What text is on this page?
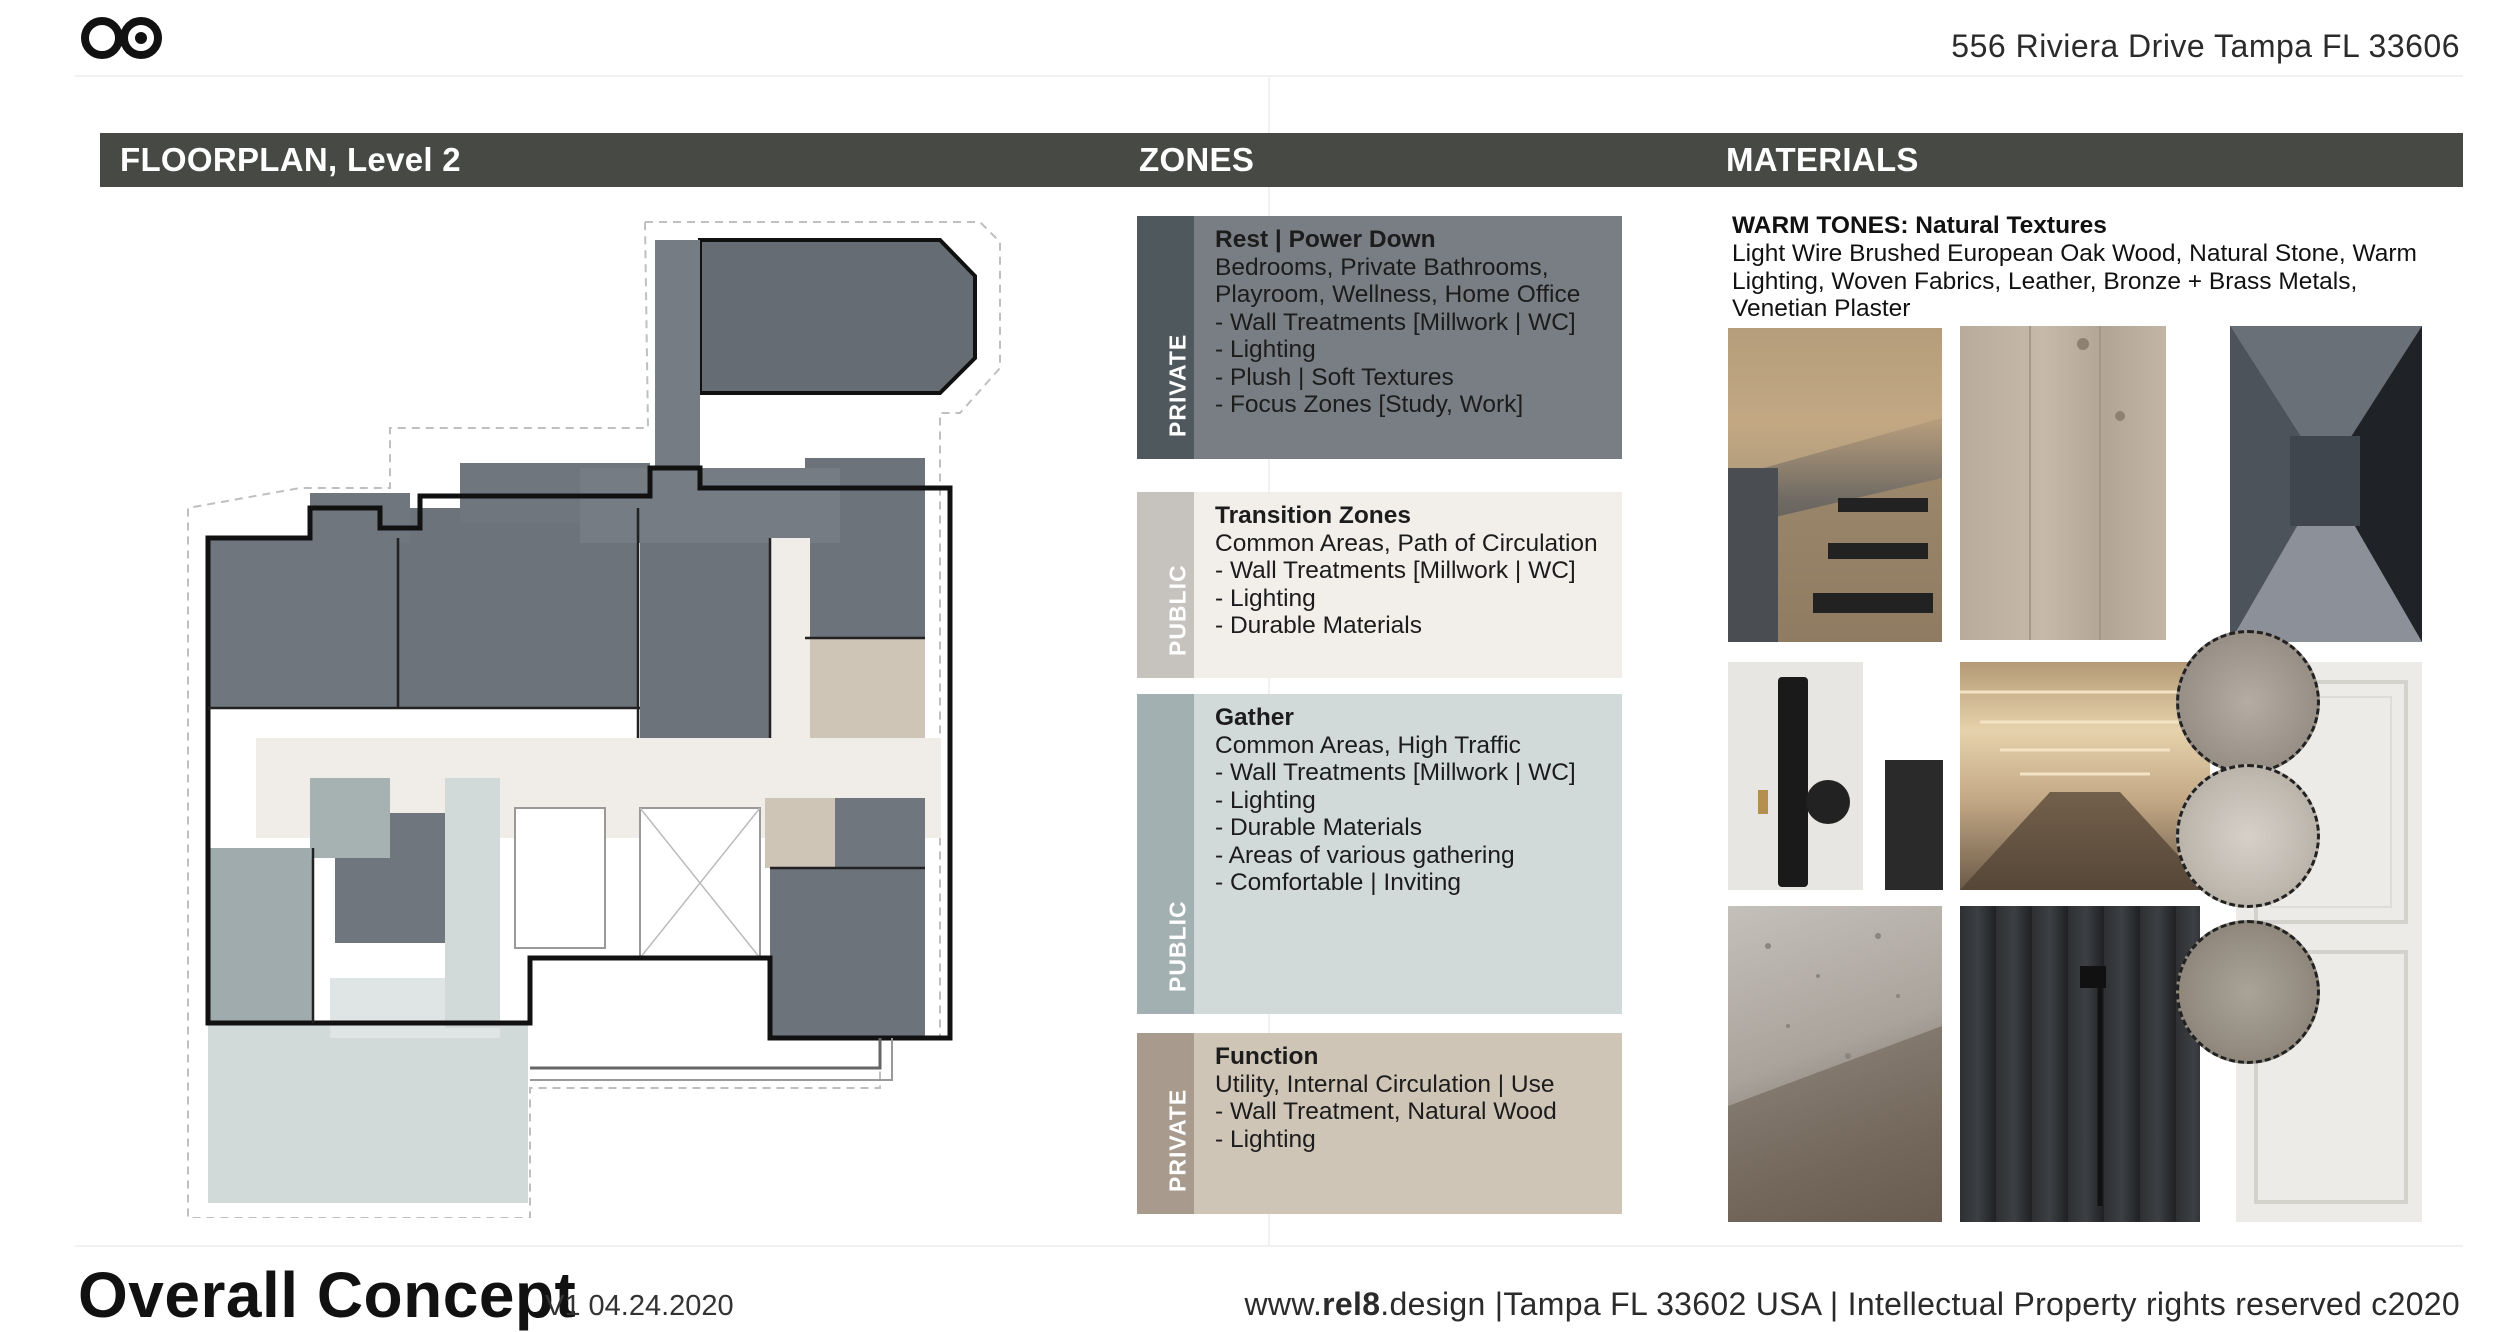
556 Riviera Drive Tampa FL 33606
FLOORPLAN, Level 2	ZONES	MATERIALS
PRIVATE
Rest | Power Down
Bedrooms, Private Bathrooms,
Playroom, Wellness, Home Office
- Wall Treatments [Millwork | WC]
- Lighting
- Plush | Soft Textures
- Focus Zones [Study, Work]
PUBLIC
Transition Zones
Common Areas, Path of Circulation
- Wall Treatments [Millwork | WC]
- Lighting
- Durable Materials
PUBLIC
Gather
Common Areas, High Traffic
- Wall Treatments [Millwork | WC]
- Lighting
- Durable Materials
- Areas of various gathering
- Comfortable | Inviting
PRIVATE
Function
Utility, Internal Circulation | Use
- Wall Treatment, Natural Wood
- Lighting
WARM TONES: Natural Textures
Light Wire Brushed European Oak Wood, Natural Stone, Warm Lighting, Woven Fabrics, Leather, Bronze + Brass Metals, Venetian Plaster
Overall Concept
V1 04.24.2020	www.rel8.design |Tampa FL 33602 USA | Intellectual Property rights reserved c2020
